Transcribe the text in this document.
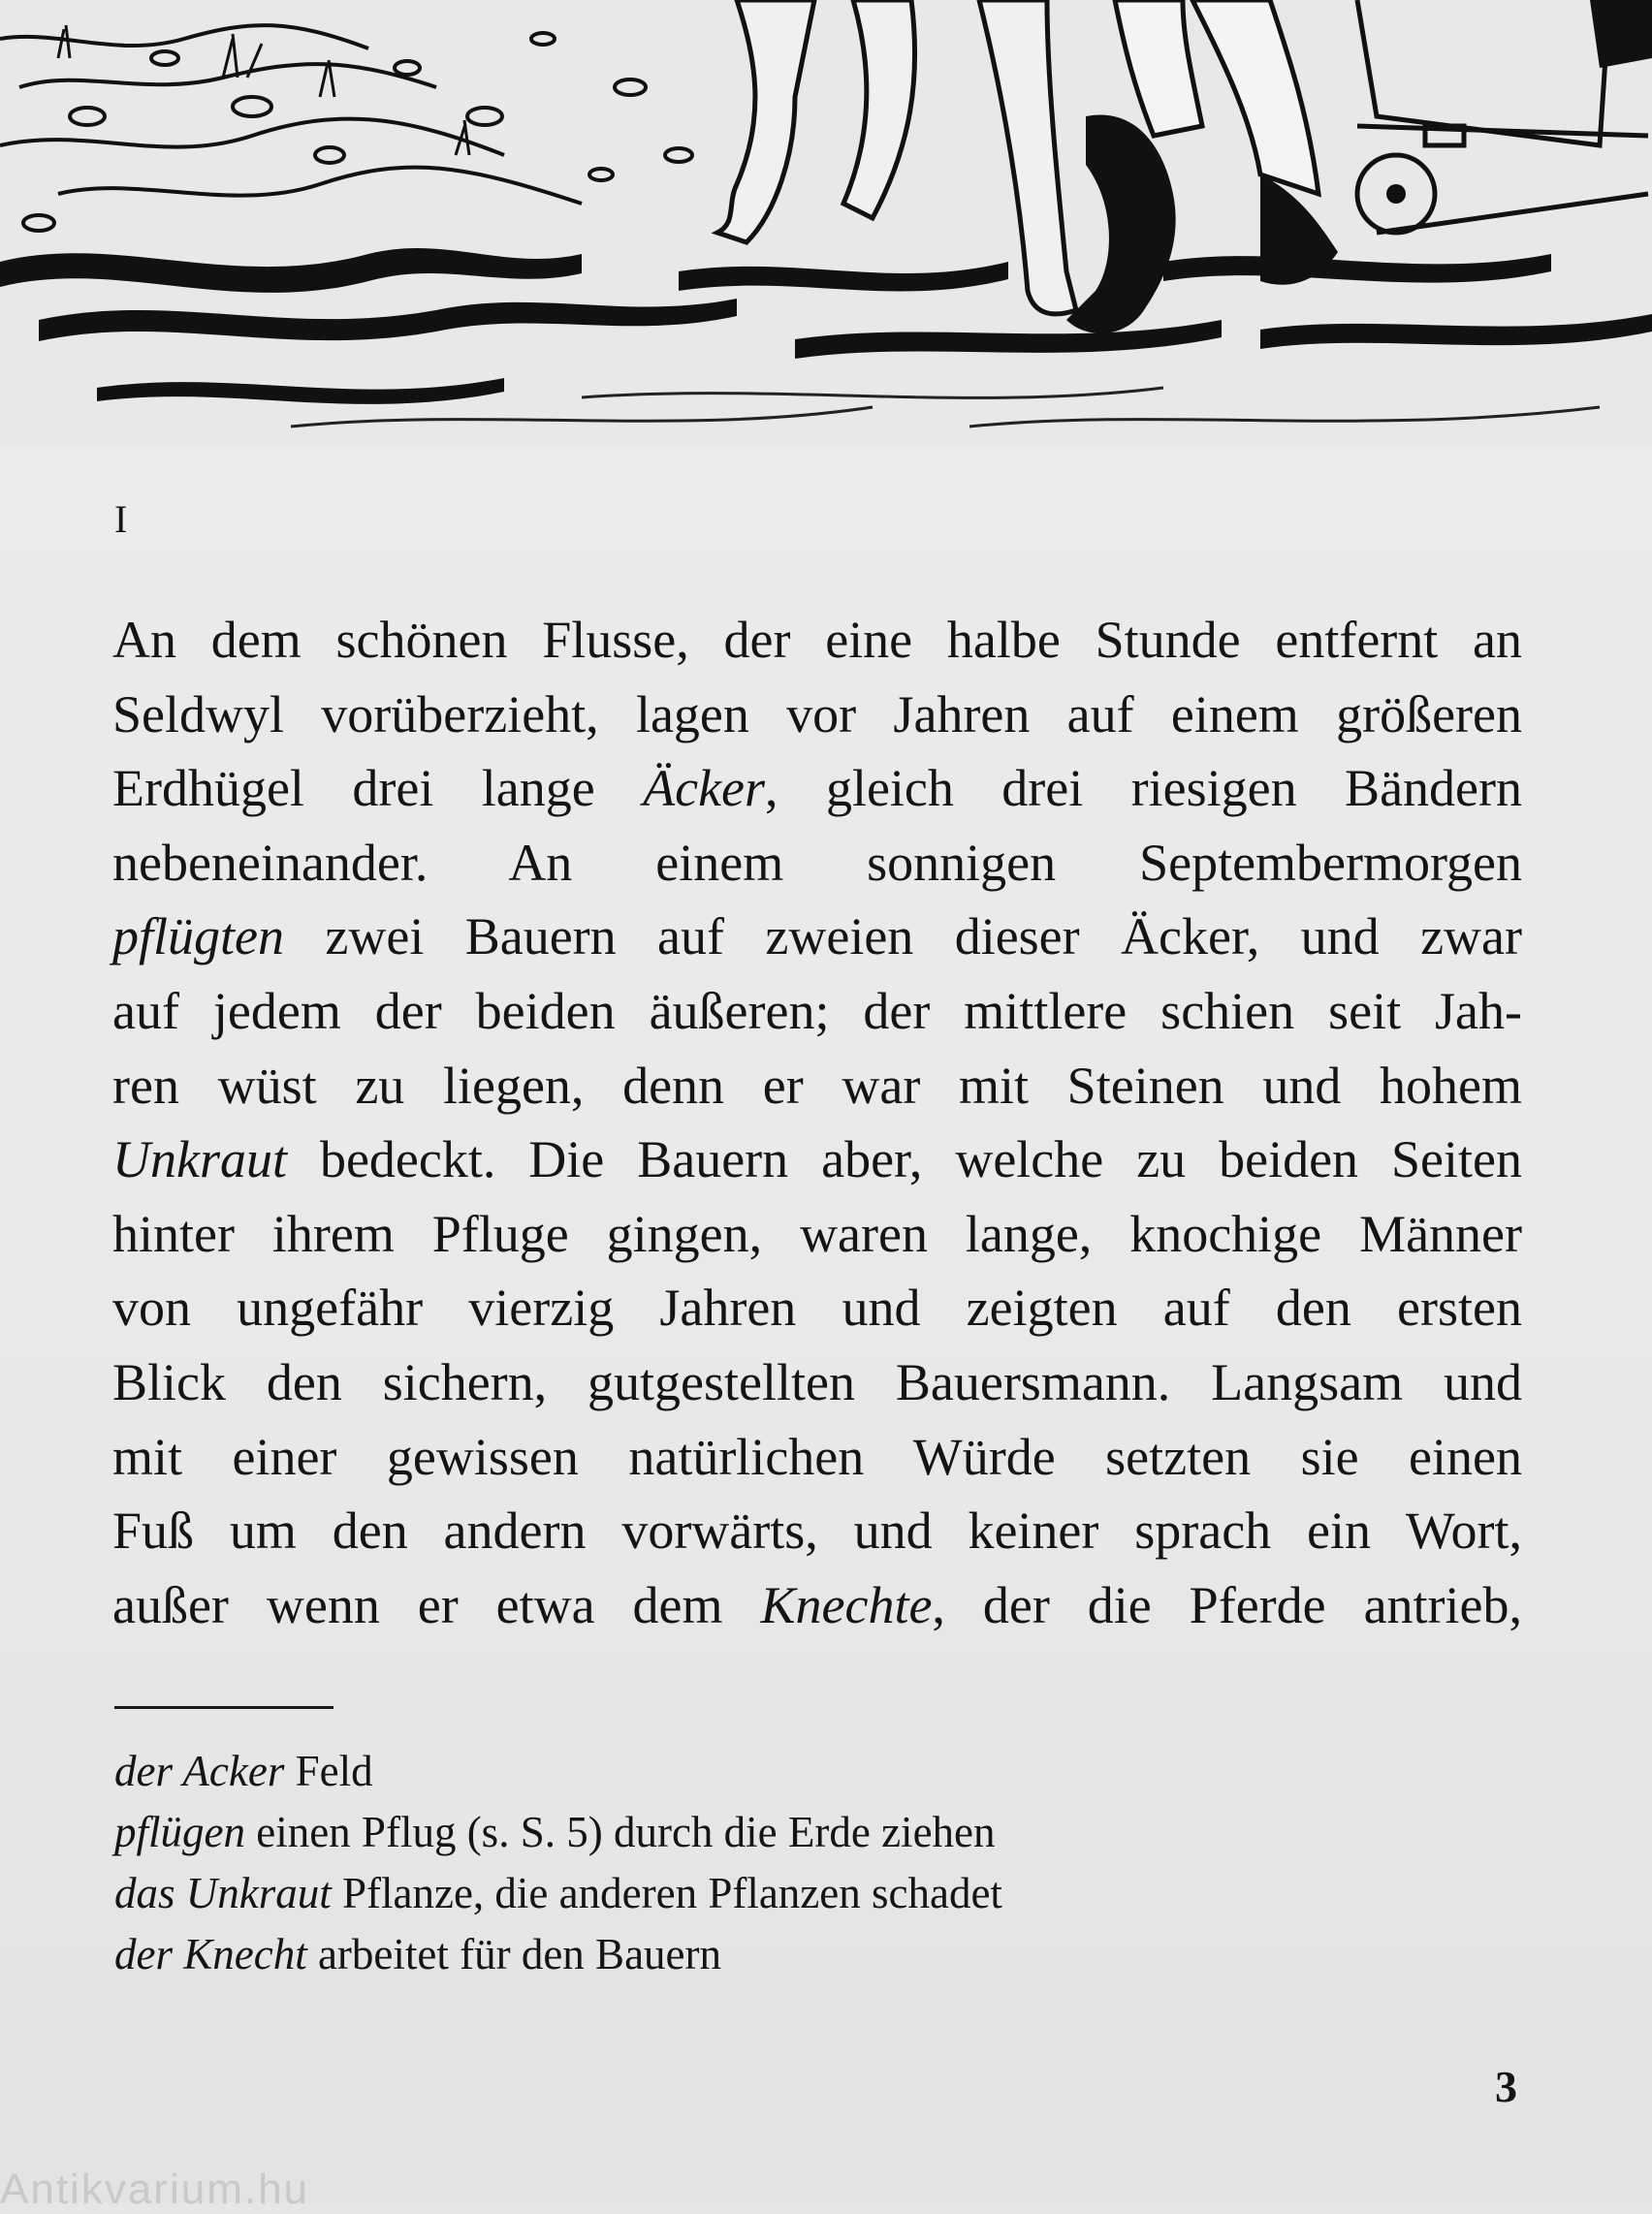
I
An dem schönen Flusse, der eine halbe Stunde entfernt an
Seldwyl vorüberzieht, lagen vor Jahren auf einem größeren
Erdhügel drei lange Äcker, gleich drei riesigen Bändern
nebeneinander. An einem sonnigen Septembermorgen
pflügten zwei Bauern auf zweien dieser Äcker, und zwar
auf jedem der beiden äußeren; der mittlere schien seit Jah-
ren wüst zu liegen, denn er war mit Steinen und hohem
Unkraut bedeckt. Die Bauern aber, welche zu beiden Seiten
hinter ihrem Pfluge gingen, waren lange, knochige Männer
von ungefähr vierzig Jahren und zeigten auf den ersten
Blick den sichern, gutgestellten Bauersmann. Langsam und
mit einer gewissen natürlichen Würde setzten sie einen
Fuß um den andern vorwärts, und keiner sprach ein Wort,
außer wenn er etwa dem Knechte, der die Pferde antrieb,
der Acker Feld
pflügen einen Pflug (s. S. 5) durch die Erde ziehen
das Unkraut Pflanze, die anderen Pflanzen schadet
der Knecht arbeitet für den Bauern
3
Antikvarium.hu
